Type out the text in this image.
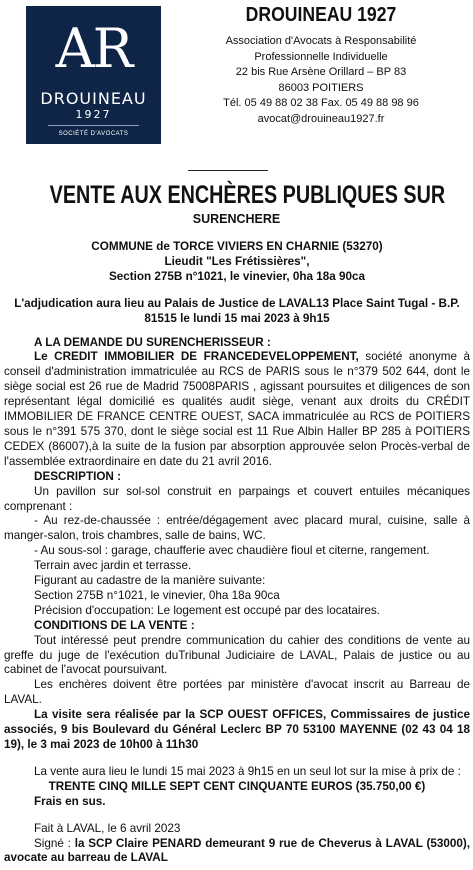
AR
DROUINEAU
1927
SOCIÉTÉ D'AVOCATS
DROUINEAU 1927
Association d'Avocats à Responsabilité
Professionnelle Individuelle
22 bis Rue Arsène Orillard – BP 83
86003 POITIERS
Tél. 05 49 88 02 38 Fax. 05 49 88 98 96
avocat@drouineau1927.fr
VENTE AUX ENCHÈRES PUBLIQUES SUR
SURENCHERE

COMMUNE de TORCE VIVIERS EN CHARNIE (53270)

Lieudit "Les Frétissières",

Section 275B n°1021, le vinevier, 0ha 18a 90ca

L'adjudication aura lieu au Palais de Justice de LAVAL13 Place Saint Tugal - B.P. 81515 le lundi 15 mai 2023 à 9h15

A LA DEMANDE DU SURENCHERISSEUR :

Le CREDIT IMMOBILIER DE FRANCEDEVELOPPEMENT, société anonyme à conseil d'administration immatriculée au RCS de PARIS sous le n°379 502 644, dont le siège social est 26 rue de Madrid 75008PARIS , agissant poursuites et diligences de son représentant légal domicilié es qualités audit siège, venant aux droits du CRÉDIT IMMOBILIER DE FRANCE CENTRE OUEST, SACA immatriculée au RCS de POITIERS sous le n°391 575 370, dont le siège social est 11 Rue Albin Haller BP 285 à POITIERS CEDEX (86007),à la suite de la fusion par absorption approuvée selon Procès-verbal de l'assemblée extraordinaire en date du 21 avril 2016.

DESCRIPTION :

Un pavillon sur sol-sol construit en parpaings et couvert entuiles mécaniques comprenant :

- Au rez-de-chaussée : entrée/dégagement avec placard mural, cuisine, salle à manger-salon, trois chambres, salle de bains, WC.

- Au sous-sol : garage, chaufferie avec chaudière fioul et citerne, rangement.

Terrain avec jardin et terrasse.

Figurant au cadastre de la manière suivante:

Section 275B n°1021, le vinevier, 0ha 18a 90ca

Précision d'occupation: Le logement est occupé par des locataires.

CONDITIONS DE LA VENTE :

Tout intéressé peut prendre communication du cahier des conditions de vente au greffe du juge de l'exécution duTribunal Judiciaire de LAVAL, Palais de justice ou au cabinet de l'avocat poursuivant.

Les enchères doivent être portées par ministère d'avocat inscrit au Barreau de LAVAL.

La visite sera réalisée par la SCP OUEST OFFICES, Commissaires de justice associés, 9 bis Boulevard du Général Leclerc BP 70 53100 MAYENNE (02 43 04 18 19), le 3 mai 2023 de 10h00 à 11h30

La vente aura lieu le lundi 15 mai 2023 à 9h15 en un seul lot sur la mise à prix de :

TRENTE CINQ MILLE SEPT CENT CINQUANTE EUROS (35.750,00 €)

Frais en sus.

Fait à LAVAL, le 6 avril 2023

Signé : la SCP Claire PENARD demeurant 9 rue de Cheverus à LAVAL (53000), avocate au barreau de LAVAL
